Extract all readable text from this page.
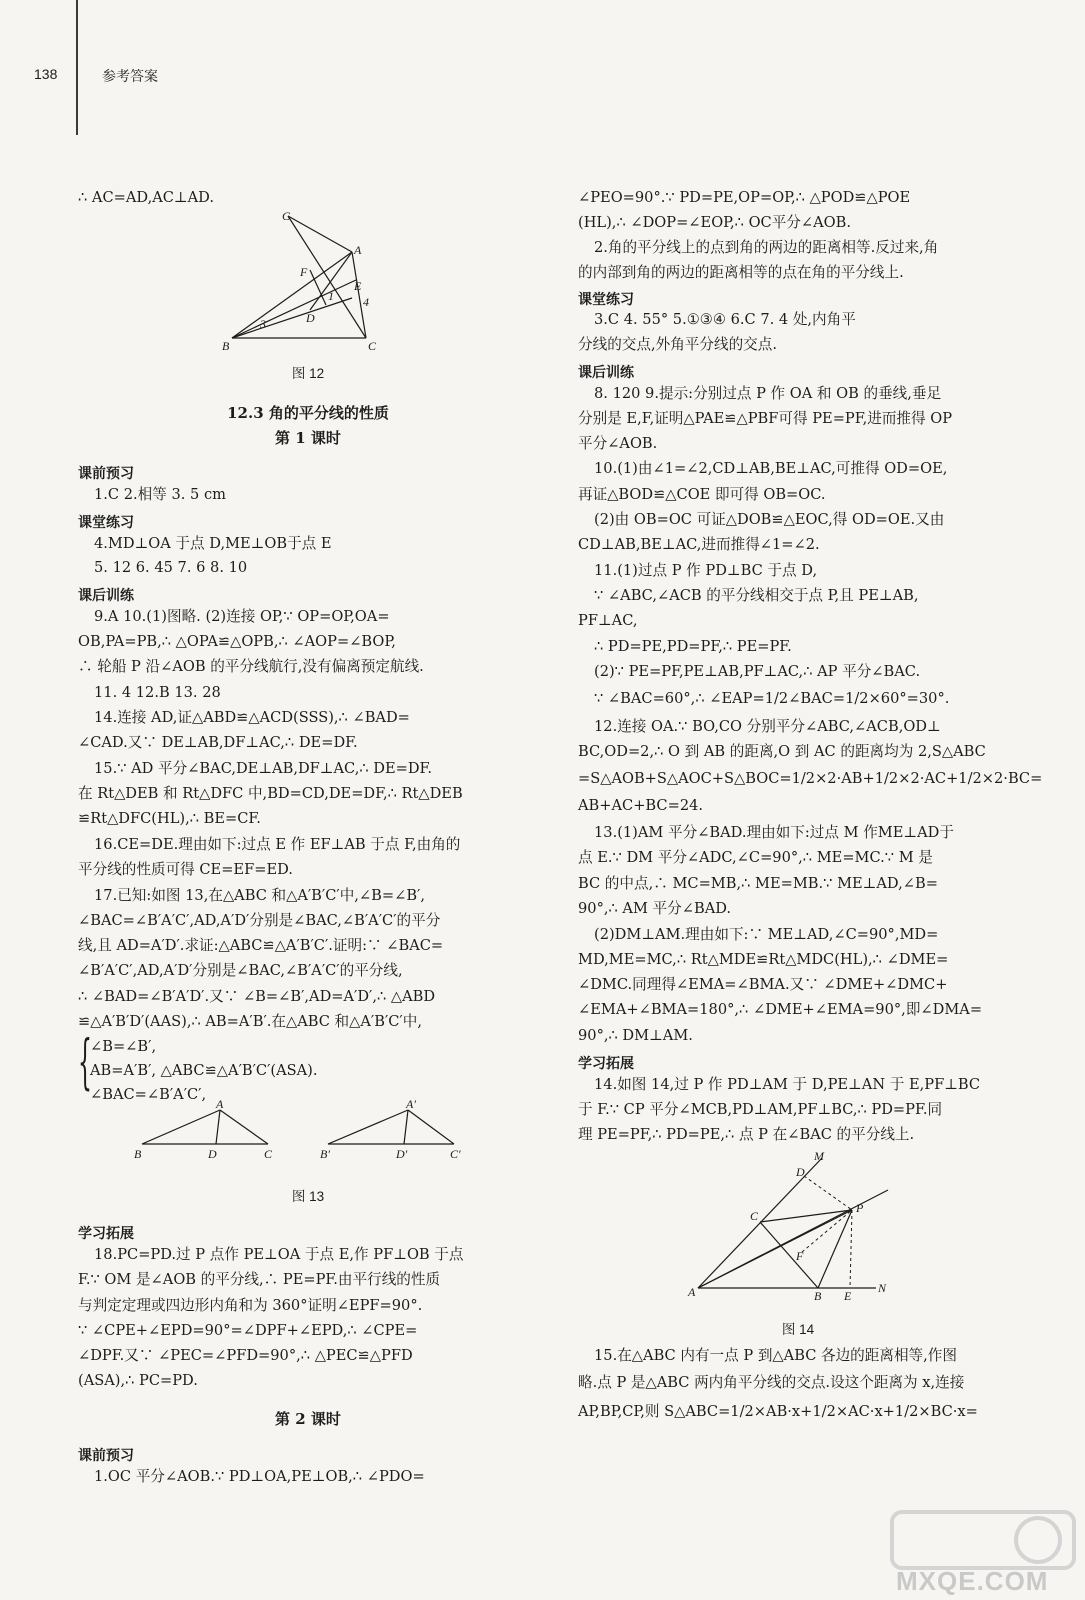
138	参考答案
∴ AC=AD,AC⊥AD.
C
A
F
1
E
4
D
3
B	C
图 12
12.3 角的平分线的性质
第 1 课时
课前预习
1.C 2.相等 3. 5 cm
课堂练习
4.MD⊥OA 于点 D,ME⊥OB于点 E
5. 12 6. 45 7. 6 8. 10
课后训练
9.A 10.(1)图略. (2)连接 OP,∵ OP=OP,OA=
OB,PA=PB,∴ △OPA≌△OPB,∴ ∠AOP=∠BOP,
∴ 轮船 P 沿∠AOB 的平分线航行,没有偏离预定航线.
11. 4 12.B 13. 28
14.连接 AD,证△ABD≌△ACD(SSS),∴ ∠BAD=
∠CAD.又∵ DE⊥AB,DF⊥AC,∴ DE=DF.
15.∵ AD 平分∠BAC,DE⊥AB,DF⊥AC,∴ DE=DF.
在 Rt△DEB 和 Rt△DFC 中,BD=CD,DE=DF,∴ Rt△DEB
≌Rt△DFC(HL),∴ BE=CF.
16.CE=DE.理由如下:过点 E 作 EF⊥AB 于点 F,由角的
平分线的性质可得 CE=EF=ED.
17.已知:如图 13,在△ABC 和△A′B′C′中,∠B=∠B′,
∠BAC=∠B′A′C′,AD,A′D′分别是∠BAC,∠B′A′C′的平分
线,且 AD=A′D′.求证:△ABC≌△A′B′C′.证明:∵ ∠BAC=
∠B′A′C′,AD,A′D′分别是∠BAC,∠B′A′C′的平分线,
∴ ∠BAD=∠B′A′D′.又∵ ∠B=∠B′,AD=A′D′,∴ △ABD
≌△A′B′D′(AAS),∴ AB=A′B′.在△ABC 和△A′B′C′中,
{
∠B=∠B′,
AB=A′B′, △ABC≌△A′B′C′(ASA).
∠BAC=∠B′A′C′,
A
B	D	C
A′
B′	D′	C′
图 13
学习拓展
18.PC=PD.过 P 点作 PE⊥OA 于点 E,作 PF⊥OB 于点
F.∵ OM 是∠AOB 的平分线,∴ PE=PF.由平行线的性质
与判定定理或四边形内角和为 360°证明∠EPF=90°.
∵ ∠CPE+∠EPD=90°=∠DPF+∠EPD,∴ ∠CPE=
∠DPF.又∵ ∠PEC=∠PFD=90°,∴ △PEC≌△PFD
(ASA),∴ PC=PD.
第 2 课时
课前预习
1.OC 平分∠AOB.∵ PD⊥OA,PE⊥OB,∴ ∠PDO=
∠PEO=90°.∵ PD=PE,OP=OP,∴ △POD≌△POE
(HL),∴ ∠DOP=∠EOP,∴ OC平分∠AOB.
2.角的平分线上的点到角的两边的距离相等.反过来,角
的内部到角的两边的距离相等的点在角的平分线上.
课堂练习
3.C 4. 55° 5.①③④ 6.C 7. 4 处,内角平
分线的交点,外角平分线的交点.
课后训练
8. 120 9.提示:分别过点 P 作 OA 和 OB 的垂线,垂足
分别是 E,F,证明△PAE≌△PBF可得 PE=PF,进而推得 OP
平分∠AOB.
10.(1)由∠1=∠2,CD⊥AB,BE⊥AC,可推得 OD=OE,
再证△BOD≌△COE 即可得 OB=OC.
(2)由 OB=OC 可证△DOB≌△EOC,得 OD=OE.又由
CD⊥AB,BE⊥AC,进而推得∠1=∠2.
11.(1)过点 P 作 PD⊥BC 于点 D,
∵ ∠ABC,∠ACB 的平分线相交于点 P,且 PE⊥AB,
PF⊥AC,
∴ PD=PE,PD=PF,∴ PE=PF.
(2)∵ PE=PF,PE⊥AB,PF⊥AC,∴ AP 平分∠BAC.
∵ ∠BAC=60°,∴ ∠EAP=1/2∠BAC=1/2×60°=30°.
12.连接 OA.∵ BO,CO 分别平分∠ABC,∠ACB,OD⊥
BC,OD=2,∴ O 到 AB 的距离,O 到 AC 的距离均为 2,S△ABC
=S△AOB+S△AOC+S△BOC=1/2×2·AB+1/2×2·AC+1/2×2·BC=
AB+AC+BC=24.
13.(1)AM 平分∠BAD.理由如下:过点 M 作ME⊥AD于
点 E.∵ DM 平分∠ADC,∠C=90°,∴ ME=MC.∵ M 是
BC 的中点,∴ MC=MB,∴ ME=MB.∵ ME⊥AD,∠B=
90°,∴ AM 平分∠BAD.
(2)DM⊥AM.理由如下:∵ ME⊥AD,∠C=90°,MD=
MD,ME=MC,∴ Rt△MDE≌Rt△MDC(HL),∴ ∠DME=
∠DMC.同理得∠EMA=∠BMA.又∵ ∠DME+∠DMC+
∠EMA+∠BMA=180°,∴ ∠DME+∠EMA=90°,即∠DMA=
90°,∴ DM⊥AM.
学习拓展
14.如图 14,过 P 作 PD⊥AM 于 D,PE⊥AN 于 E,PF⊥BC
于 F.∵ CP 平分∠MCB,PD⊥AM,PF⊥BC,∴ PD=PF.同
理 PE=PF,∴ PD=PE,∴ 点 P 在∠BAC 的平分线上.
M
D
C
P
F
A	B E
N
图 14
15.在△ABC 内有一点 P 到△ABC 各边的距离相等,作图
略.点 P 是△ABC 两内角平分线的交点.设这个距离为 x,连接
AP,BP,CP,则 S△ABC=1/2×AB·x+1/2×AC·x+1/2×BC·x=
MXQE.COM
